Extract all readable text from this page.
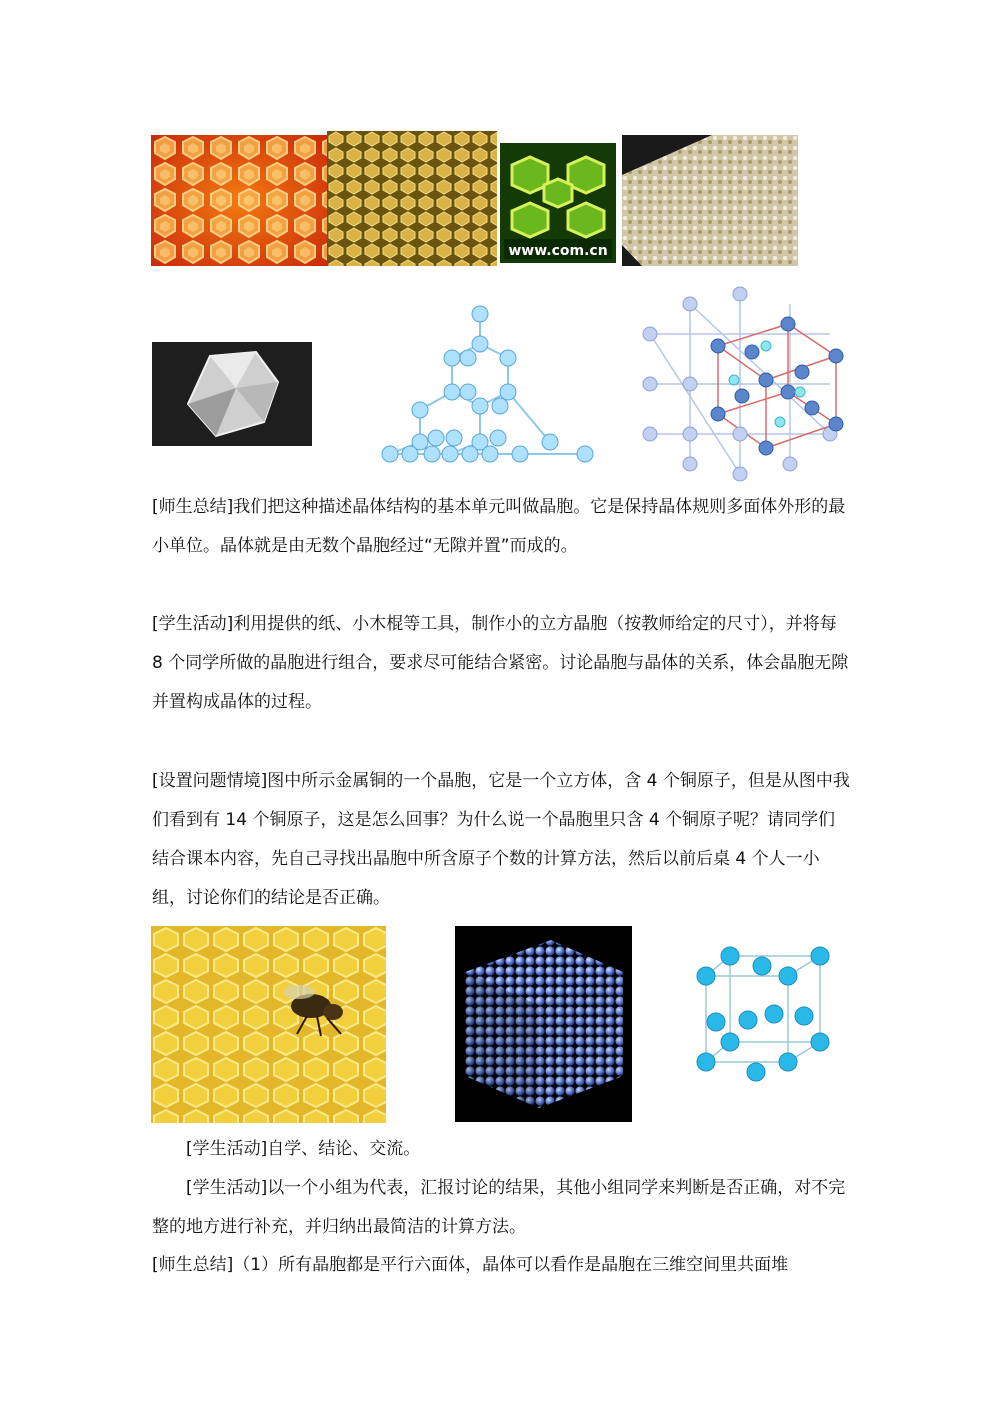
www.com.cn

[师生总结]我们把这种描述晶体结构的基本单元叫做晶胞。它是保持晶体规则多面体外形的最小单位。晶体就是由无数个晶胞经过“无隙并置”而成的。

[学生活动]利用提供的纸、小木棍等工具，制作小的立方晶胞（按教师给定的尺寸），并将每 8 个同学所做的晶胞进行组合，要求尽可能结合紧密。讨论晶胞与晶体的关系，体会晶胞无隙并置构成晶体的过程。

[设置问题情境]图中所示金属铜的一个晶胞，它是一个立方体，含 4 个铜原子，但是从图中我们看到有 14 个铜原子，这是怎么回事？为什么说一个晶胞里只含 4 个铜原子呢？请同学们结合课本内容，先自己寻找出晶胞中所含原子个数的计算方法，然后以前后桌 4 个人一小组，讨论你们的结论是否正确。

[学生活动]自学、结论、交流。

[学生活动]以一个小组为代表，汇报讨论的结果，其他小组同学来判断是否正确，对不完整的地方进行补充，并归纳出最简洁的计算方法。

[师生总结]（1）所有晶胞都是平行六面体，晶体可以看作是晶胞在三维空间里共面堆
